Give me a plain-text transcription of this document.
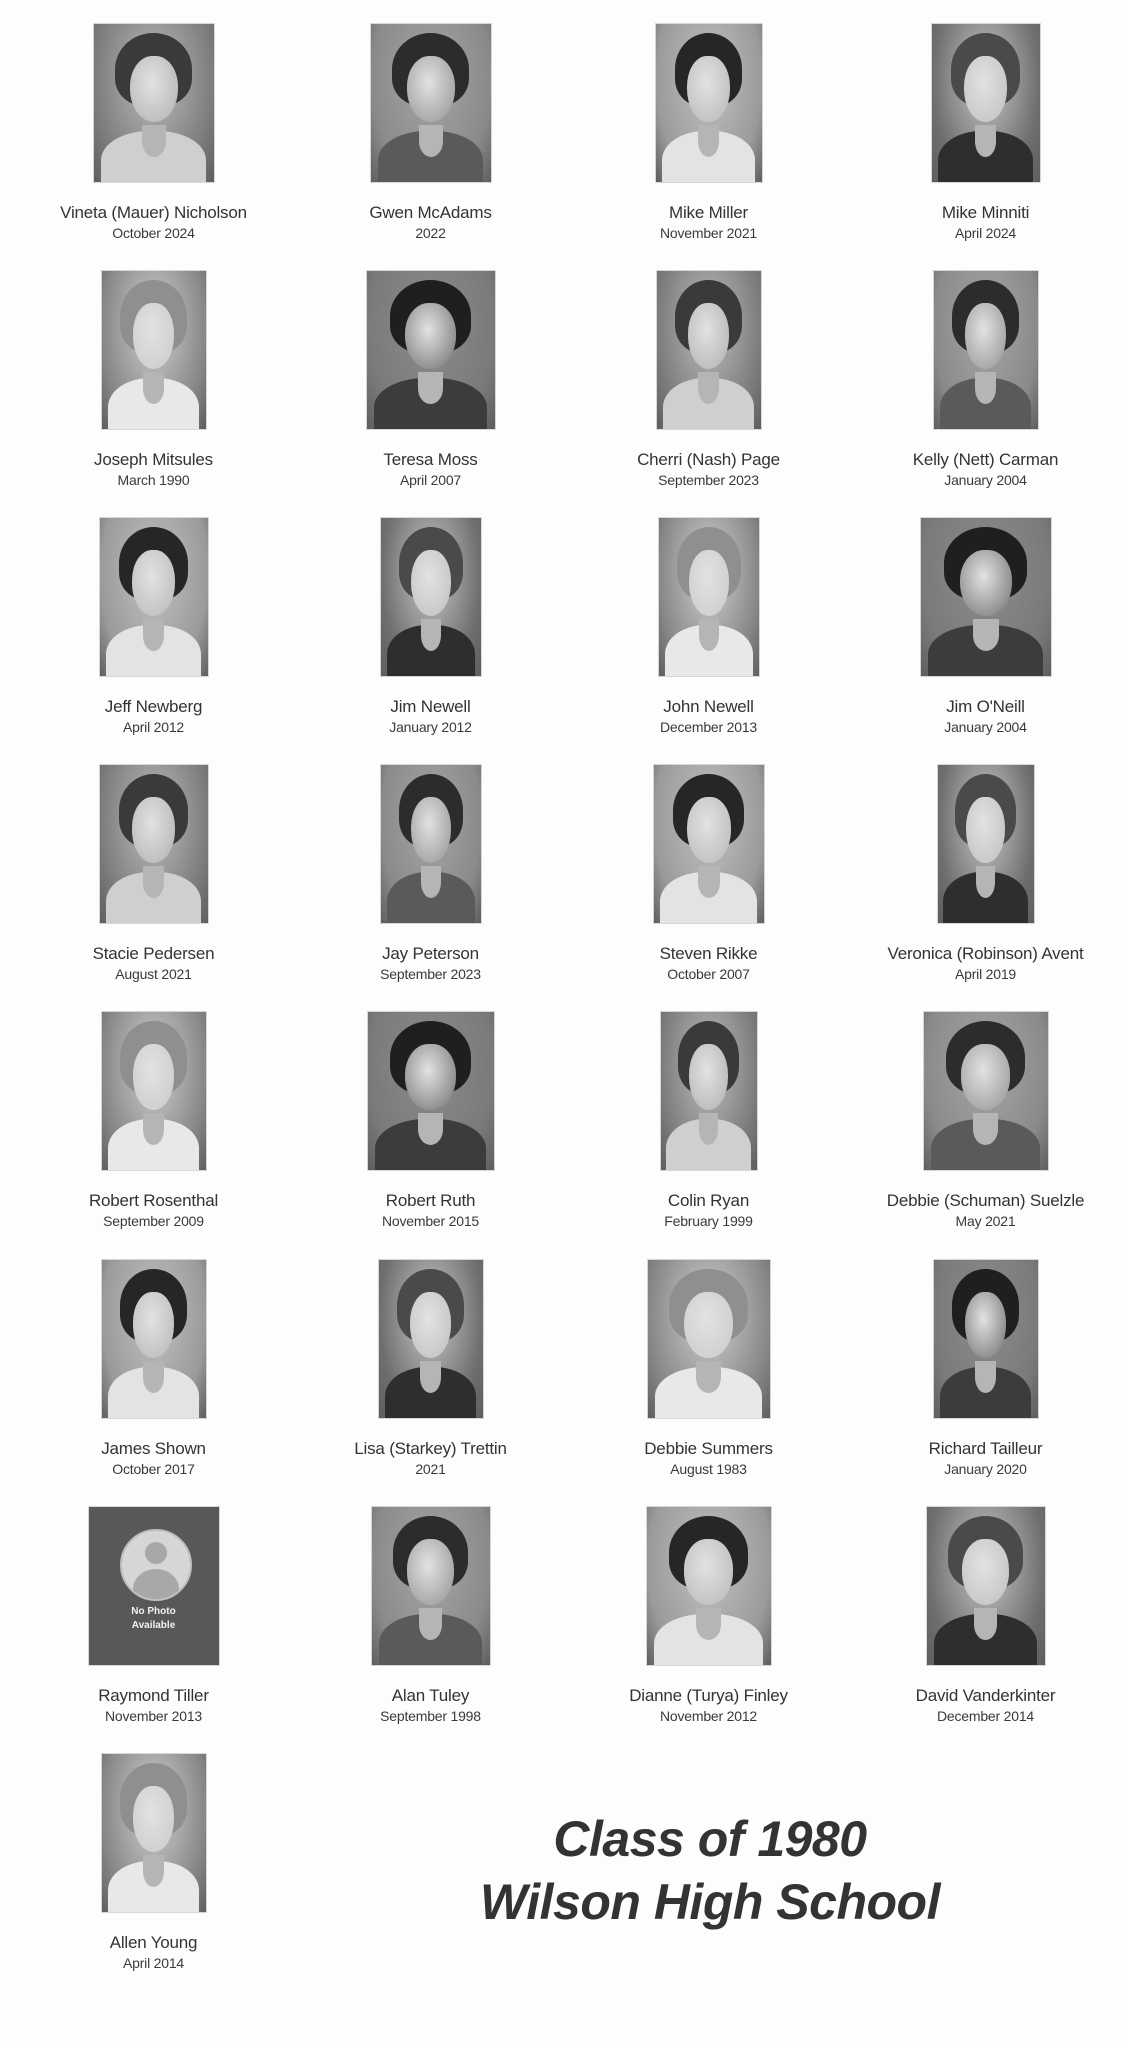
Vineta (Mauer) Nicholson
October 2024
Gwen McAdams
2022
Mike Miller
November 2021
Mike Minniti
April 2024
Joseph Mitsules
March 1990
Teresa Moss
April 2007
Cherri (Nash) Page
September 2023
Kelly (Nett) Carman
January 2004
Jeff Newberg
April 2012
Jim Newell
January 2012
John Newell
December 2013
Jim O'Neill
January 2004
Stacie Pedersen
August 2021
Jay Peterson
September 2023
Steven Rikke
October 2007
Veronica (Robinson) Avent
April 2019
Robert Rosenthal
September 2009
Robert Ruth
November 2015
Colin Ryan
February 1999
Debbie (Schuman) Suelzle
May 2021
James Shown
October 2017
Lisa (Starkey) Trettin
2021
Debbie Summers
August 1983
Richard Tailleur
January 2020
No Photo
Available
Raymond Tiller
November 2013
Alan Tuley
September 1998
Dianne (Turya) Finley
November 2012
David Vanderkinter
December 2014
Allen Young
April 2014
Class of 1980
Wilson High School
